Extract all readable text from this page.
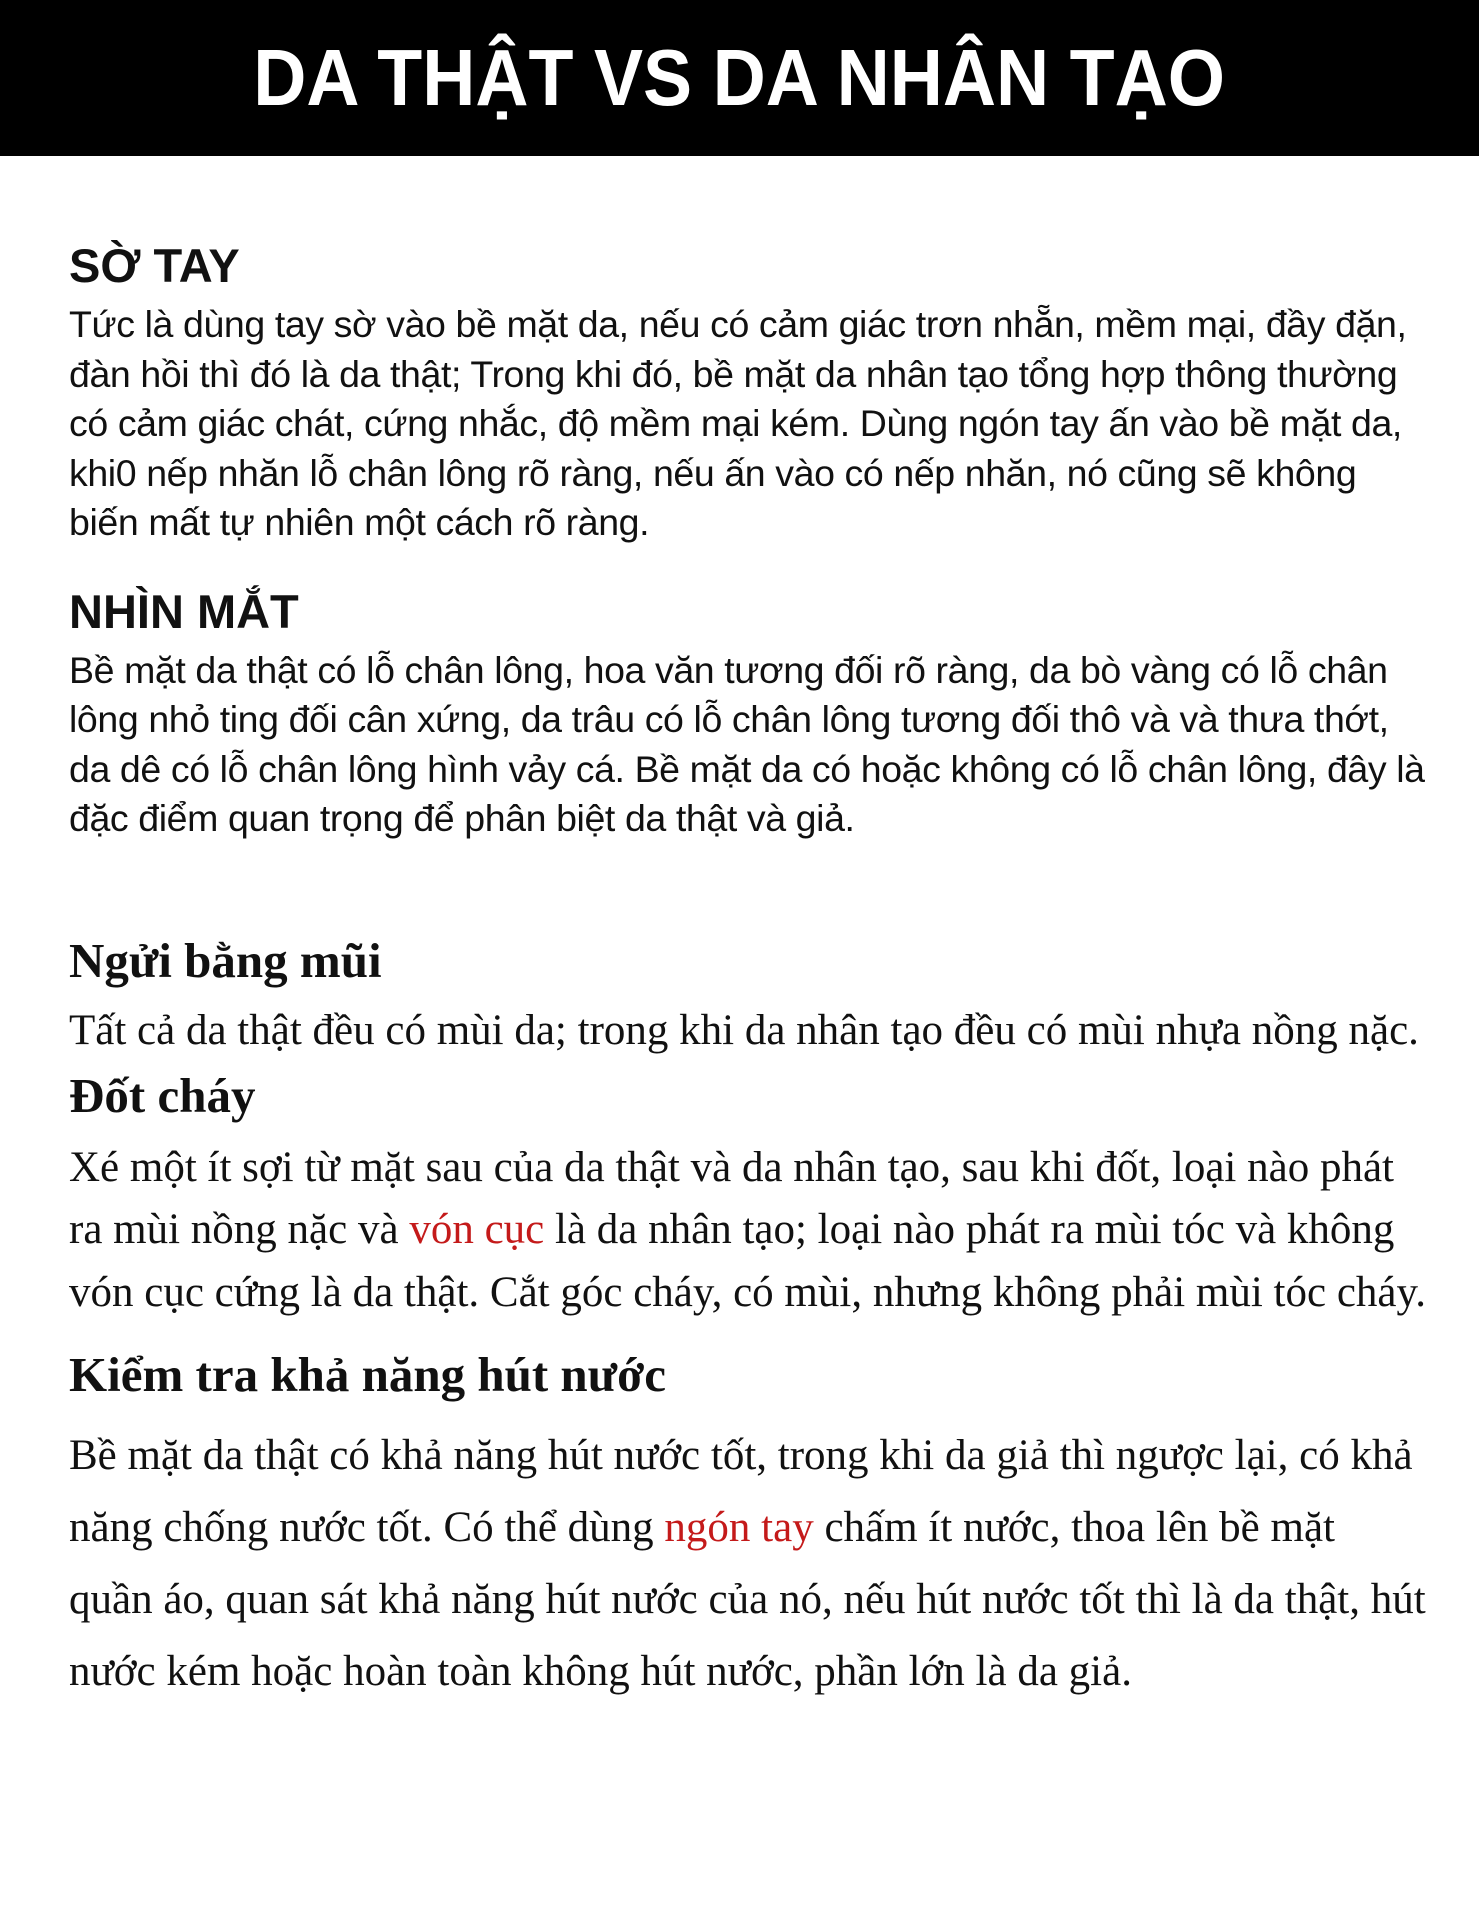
DA THẬT VS DA NHÂN TẠO
SỜ TAY

Tức là dùng tay sờ vào bề mặt da, nếu có cảm giác trơn nhẵn, mềm mại, đầy đặn, đàn hồi thì đó là da thật; Trong khi đó, bề mặt da nhân tạo tổng hợp thông thường có cảm giác chát, cứng nhắc, độ mềm mại kém. Dùng ngón tay ấn vào bề mặt da, khi0 nếp nhăn lỗ chân lông rõ ràng, nếu ấn vào có nếp nhăn, nó cũng sẽ không biến mất tự nhiên một cách rõ ràng.

NHÌN MẮT

Bề mặt da thật có lỗ chân lông, hoa văn tương đối rõ ràng, da bò vàng có lỗ chân lông nhỏ ting đối cân xứng, da trâu có lỗ chân lông tương đối thô và và thưa thớt, da dê có lỗ chân lông hình vảy cá. Bề mặt da có hoặc không có lỗ chân lông, đây là đặc điểm quan trọng để phân biệt da thật và giả.

Ngửi bằng mũi

Tất cả da thật đều có mùi da; trong khi da nhân tạo đều có mùi nhựa nồng nặc.

Đốt cháy

Xé một ít sợi từ mặt sau của da thật và da nhân tạo, sau khi đốt, loại nào phát ra mùi nồng nặc và vón cục là da nhân tạo; loại nào phát ra mùi tóc và không vón cục cứng là da thật. Cắt góc cháy, có mùi, nhưng không phải mùi tóc cháy.

Kiểm tra khả năng hút nước

Bề mặt da thật có khả năng hút nước tốt, trong khi da giả thì ngược lại, có khả năng chống nước tốt. Có thể dùng ngón tay chấm ít nước, thoa lên bề mặt quần áo, quan sát khả năng hút nước của nó, nếu hút nước tốt thì là da thật, hút nước kém hoặc hoàn toàn không hút nước, phần lớn là da giả.
